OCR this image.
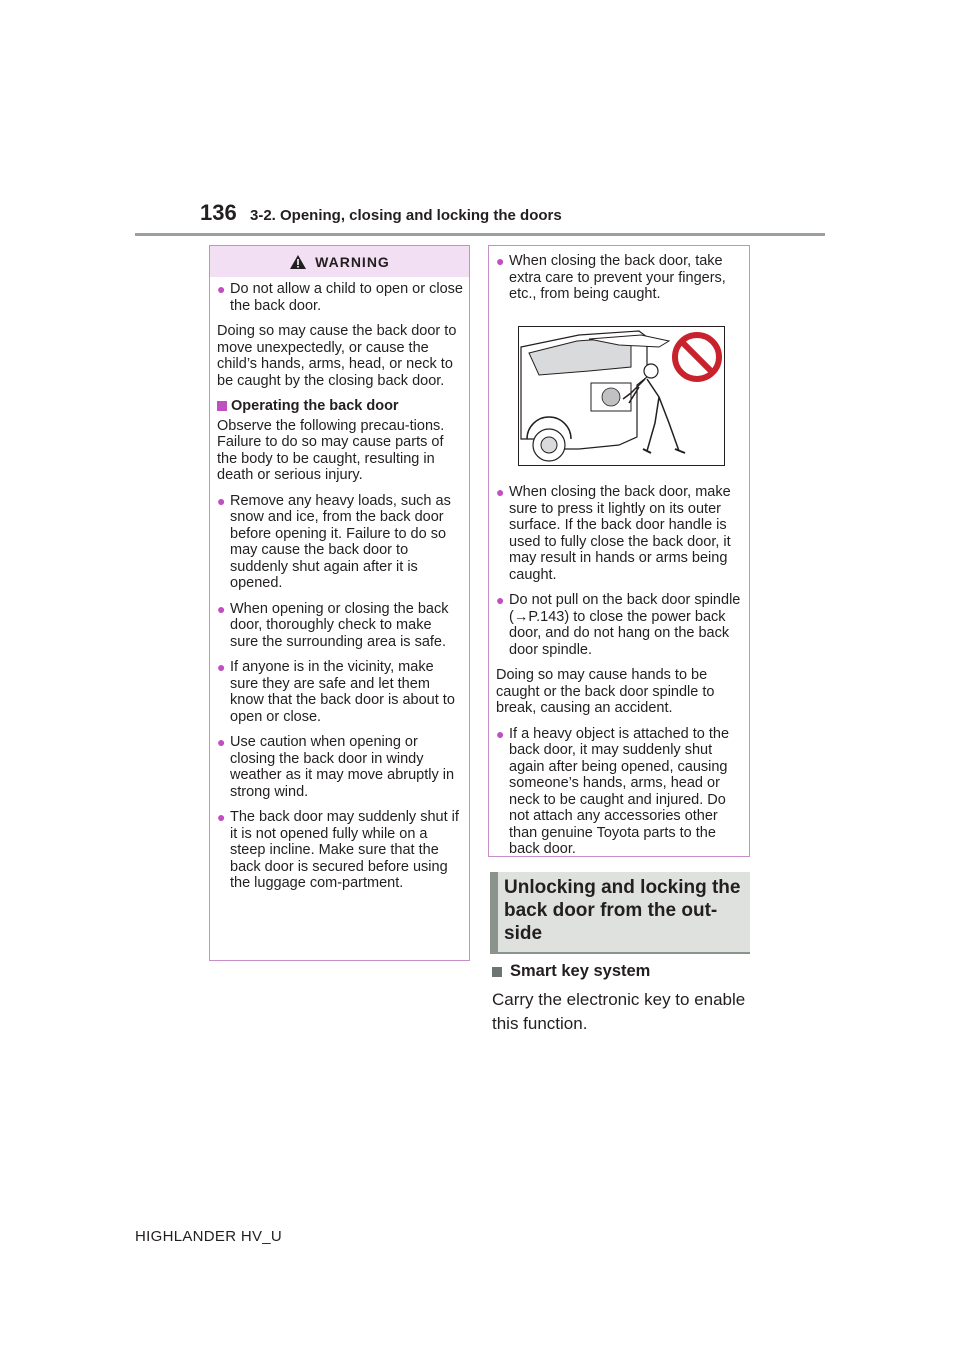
136 3-2. Opening, closing and locking the doors
WARNING
● Do not allow a child to open or close the back door.

Doing so may cause the back door to move unexpectedly, or cause the child’s hands, arms, head, or neck to be caught by the closing back door.

Operating the back door

Observe the following precau-tions. Failure to do so may cause parts of the body to be caught, resulting in death or serious injury.

● Remove any heavy loads, such as snow and ice, from the back door before opening it. Failure to do so may cause the back door to suddenly shut again after it is opened.
● When opening or closing the back door, thoroughly check to make sure the surrounding area is safe.
● If anyone is in the vicinity, make sure they are safe and let them know that the back door is about to open or close.
● Use caution when opening or closing the back door in windy weather as it may move abruptly in strong wind.
● The back door may suddenly shut if it is not opened fully while on a steep incline. Make sure that the back door is secured before using the luggage com-partment.
● When closing the back door, take extra care to prevent your fingers, etc., from being caught.
● When closing the back door, make sure to press it lightly on its outer surface. If the back door handle is used to fully close the back door, it may result in hands or arms being caught.
● Do not pull on the back door spindle (→P.143) to close the power back door, and do not hang on the back door spindle.

Doing so may cause hands to be caught or the back door spindle to break, causing an accident.

● If a heavy object is attached to the back door, it may suddenly shut again after being opened, causing someone’s hands, arms, head or neck to be caught and injured. Do not attach any accessories other than genuine Toyota parts to the back door.
Unlocking and locking the back door from the out-side
Smart key system
Carry the electronic key to enable this function.
HIGHLANDER HV_U
